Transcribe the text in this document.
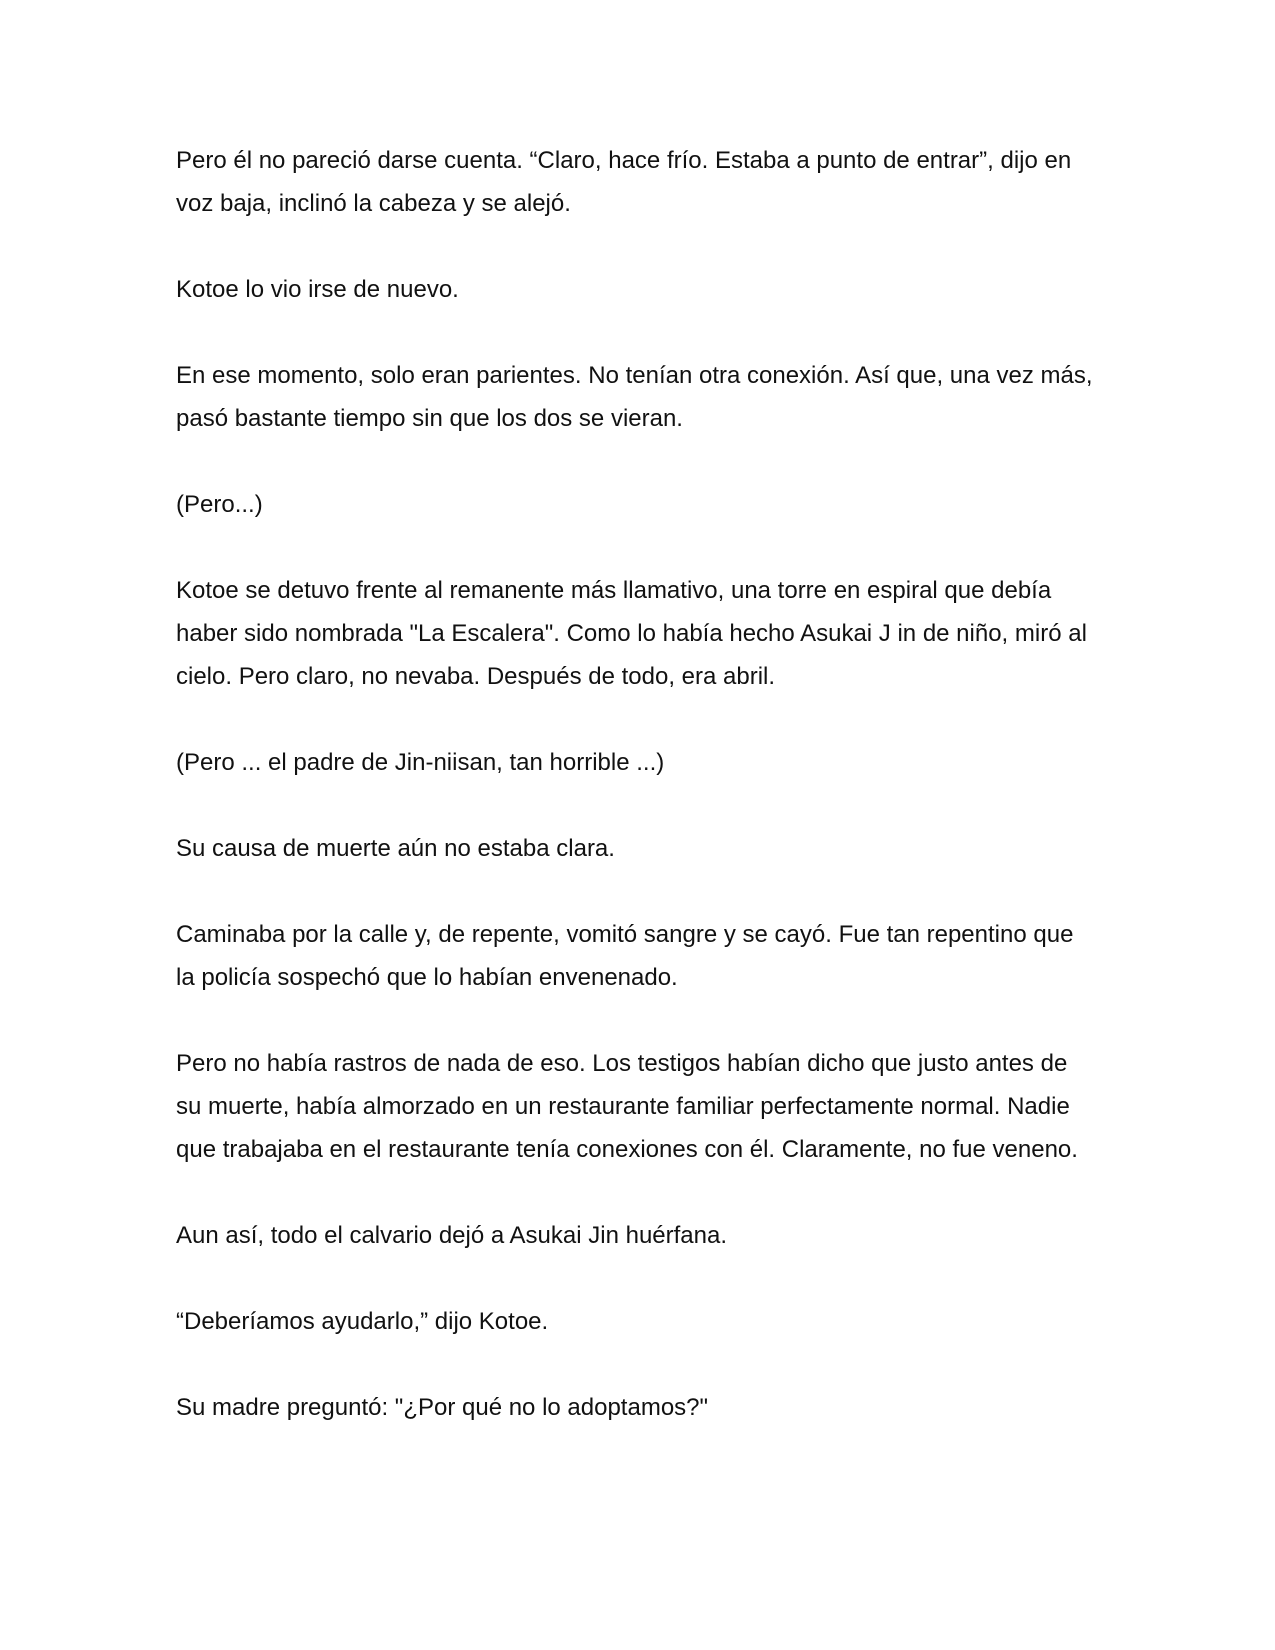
Pero él no pareció darse cuenta. “Claro, hace frío. Estaba a punto de entrar”, dijo en voz baja, inclinó la cabeza y se alejó.

Kotoe lo vio irse de nuevo.

En ese momento, solo eran parientes. No tenían otra conexión. Así que, una vez más, pasó bastante tiempo sin que los dos se vieran.

(Pero...)

Kotoe se detuvo frente al remanente más llamativo, una torre en espiral que debía haber sido nombrada "La Escalera". Como lo había hecho Asukai J in de niño, miró al cielo. Pero claro, no nevaba. Después de todo, era abril.

(Pero ... el padre de Jin-niisan, tan horrible ...)

Su causa de muerte aún no estaba clara.

Caminaba por la calle y, de repente, vomitó sangre y se cayó. Fue tan repentino que la policía sospechó que lo habían envenenado.

Pero no había rastros de nada de eso. Los testigos habían dicho que justo antes de su muerte, había almorzado en un restaurante familiar perfectamente normal. Nadie que trabajaba en el restaurante tenía conexiones con él. Claramente, no fue veneno.

Aun así, todo el calvario dejó a Asukai Jin huérfana.

“Deberíamos ayudarlo,” dijo Kotoe.

Su madre preguntó: "¿Por qué no lo adoptamos?"
